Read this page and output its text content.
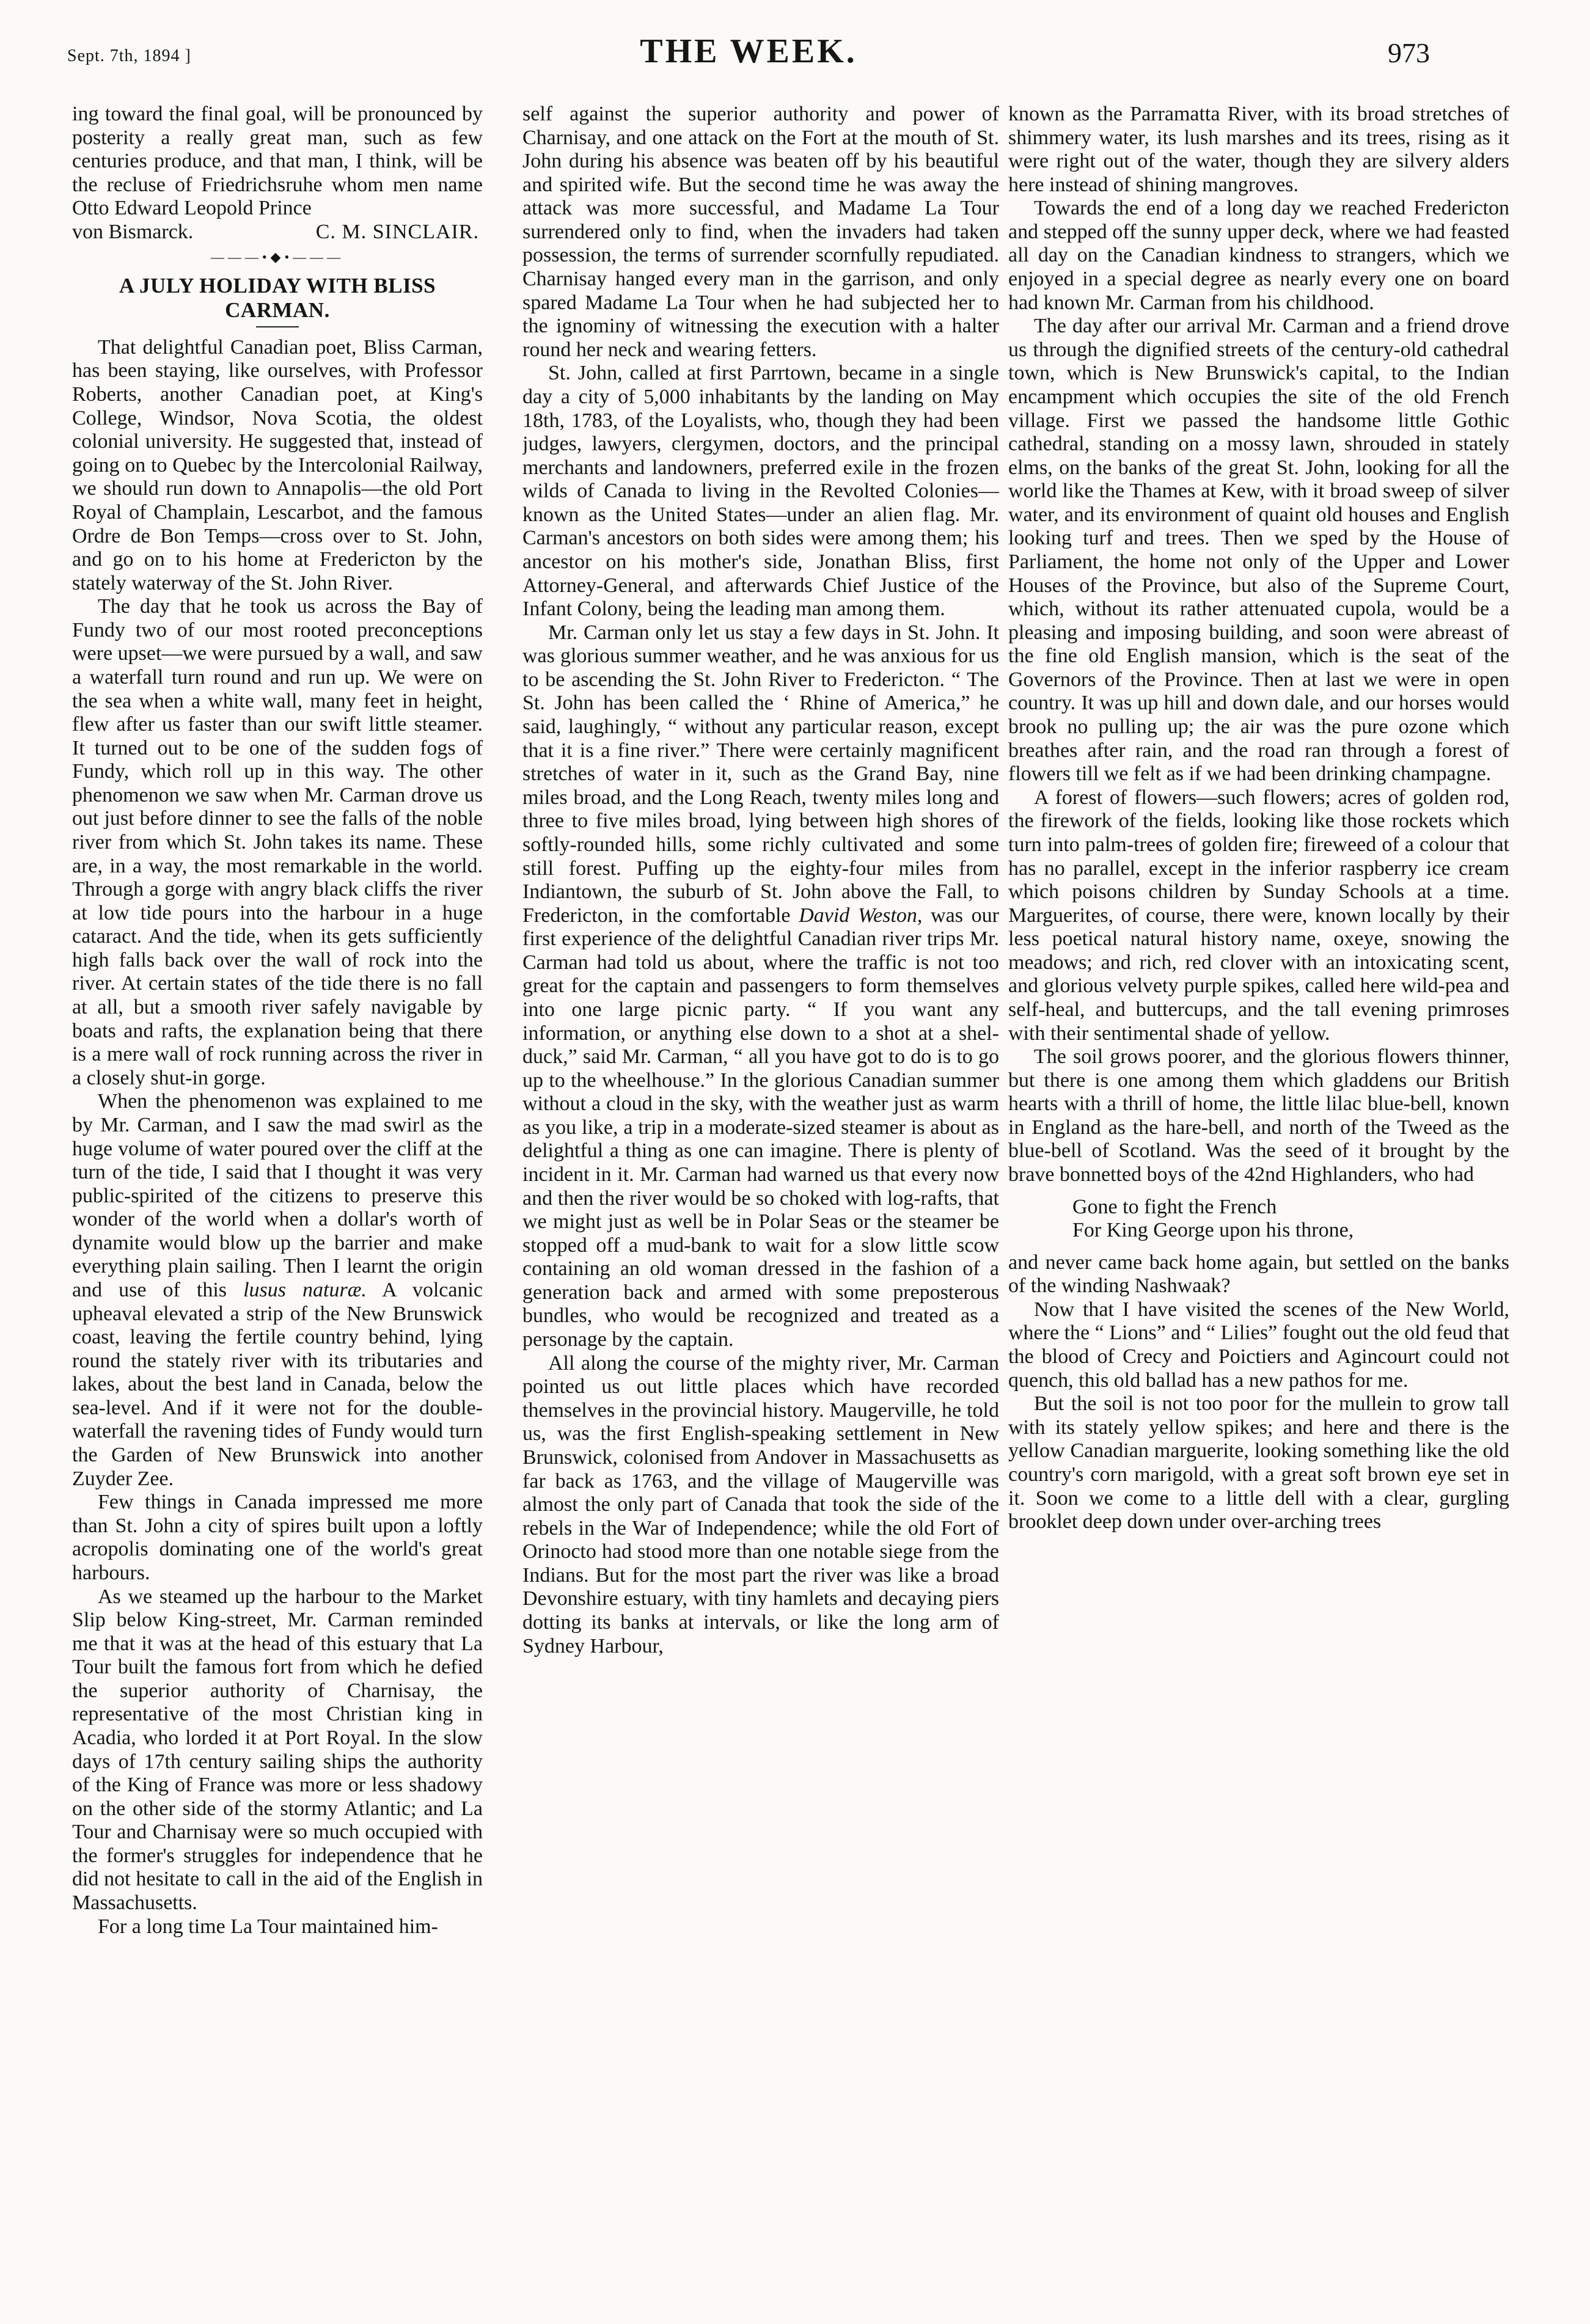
Sept. 7th, 1894 ]	THE WEEK.	973

ing toward the final goal, will be pronounced by posterity a really great man, such as few centuries produce, and that man, I think, will be the recluse of Friedrichsruhe whom men name Otto Edward Leopold Prince

von Bismarck.	C. M. SINCLAIR.
———•◆•———
A JULY HOLIDAY WITH BLISS CARMAN.

That delightful Canadian poet, Bliss Carman, has been staying, like ourselves, with Professor Roberts, another Canadian poet, at King's College, Windsor, Nova Scotia, the oldest colonial university. He suggested that, instead of going on to Quebec by the Intercolonial Railway, we should run down to Annapolis—the old Port Royal of Champlain, Lescarbot, and the famous Ordre de Bon Temps—cross over to St. John, and go on to his home at Fredericton by the stately waterway of the St. John River.

The day that he took us across the Bay of Fundy two of our most rooted preconceptions were upset—we were pursued by a wall, and saw a waterfall turn round and run up. We were on the sea when a white wall, many feet in height, flew after us faster than our swift little steamer. It turned out to be one of the sudden fogs of Fundy, which roll up in this way. The other phenomenon we saw when Mr. Carman drove us out just before dinner to see the falls of the noble river from which St. John takes its name. These are, in a way, the most remarkable in the world. Through a gorge with angry black cliffs the river at low tide pours into the harbour in a huge cataract. And the tide, when its gets sufficiently high falls back over the wall of rock into the river. At certain states of the tide there is no fall at all, but a smooth river safely navigable by boats and rafts, the explanation being that there is a mere wall of rock running across the river in a closely shut-in gorge.

When the phenomenon was explained to me by Mr. Carman, and I saw the mad swirl as the huge volume of water poured over the cliff at the turn of the tide, I said that I thought it was very public-spirited of the citizens to preserve this wonder of the world when a dollar's worth of dynamite would blow up the barrier and make everything plain sailing. Then I learnt the origin and use of this lusus naturæ. A volcanic upheaval elevated a strip of the New Brunswick coast, leaving the fertile country behind, lying round the stately river with its tributaries and lakes, about the best land in Canada, below the sea-level. And if it were not for the double-waterfall the ravening tides of Fundy would turn the Garden of New Brunswick into another Zuyder Zee.

Few things in Canada impressed me more than St. John a city of spires built upon a loftly acropolis dominating one of the world's great harbours.

As we steamed up the harbour to the Market Slip below King-street, Mr. Carman reminded me that it was at the head of this estuary that La Tour built the famous fort from which he defied the superior authority of Charnisay, the representative of the most Christian king in Acadia, who lorded it at Port Royal. In the slow days of 17th century sailing ships the authority of the King of France was more or less shadowy on the other side of the stormy Atlantic; and La Tour and Charnisay were so much occupied with the former's struggles for independence that he did not hesitate to call in the aid of the English in Massachusetts.

For a long time La Tour maintained him-

self against the superior authority and power of Charnisay, and one attack on the Fort at the mouth of St. John during his absence was beaten off by his beautiful and spirited wife. But the second time he was away the attack was more successful, and Madame La Tour surrendered only to find, when the invaders had taken possession, the terms of surrender scornfully repudiated. Charnisay hanged every man in the garrison, and only spared Madame La Tour when he had subjected her to the ignominy of witnessing the execution with a halter round her neck and wearing fetters.

St. John, called at first Parrtown, became in a single day a city of 5,000 inhabitants by the landing on May 18th, 1783, of the Loyalists, who, though they had been judges, lawyers, clergymen, doctors, and the principal merchants and landowners, preferred exile in the frozen wilds of Canada to living in the Revolted Colonies—known as the United States—under an alien flag. Mr. Carman's ancestors on both sides were among them; his ancestor on his mother's side, Jonathan Bliss, first Attorney-General, and afterwards Chief Justice of the Infant Colony, being the leading man among them.

Mr. Carman only let us stay a few days in St. John. It was glorious summer weather, and he was anxious for us to be ascending the St. John River to Fredericton. “ The St. John has been called the ‘ Rhine of America,” he said, laughingly, “ without any particular reason, except that it is a fine river.” There were certainly magnificent stretches of water in it, such as the Grand Bay, nine miles broad, and the Long Reach, twenty miles long and three to five miles broad, lying between high shores of softly-rounded hills, some richly cultivated and some still forest. Puffing up the eighty-four miles from Indiantown, the suburb of St. John above the Fall, to Fredericton, in the comfortable David Weston, was our first experience of the delightful Canadian river trips Mr. Carman had told us about, where the traffic is not too great for the captain and passengers to form themselves into one large picnic party. “ If you want any information, or anything else down to a shot at a shel-duck,” said Mr. Carman, “ all you have got to do is to go up to the wheelhouse.” In the glorious Canadian summer without a cloud in the sky, with the weather just as warm as you like, a trip in a moderate-sized steamer is about as delightful a thing as one can imagine. There is plenty of incident in it. Mr. Carman had warned us that every now and then the river would be so choked with log-rafts, that we might just as well be in Polar Seas or the steamer be stopped off a mud-bank to wait for a slow little scow containing an old woman dressed in the fashion of a generation back and armed with some preposterous bundles, who would be recognized and treated as a personage by the captain.

All along the course of the mighty river, Mr. Carman pointed us out little places which have recorded themselves in the provincial history. Maugerville, he told us, was the first English-speaking settlement in New Brunswick, colonised from Andover in Massachusetts as far back as 1763, and the village of Maugerville was almost the only part of Canada that took the side of the rebels in the War of Independence; while the old Fort of Orinocto had stood more than one notable siege from the Indians. But for the most part the river was like a broad Devonshire estuary, with tiny hamlets and decaying piers dotting its banks at intervals, or like the long arm of Sydney Harbour,

known as the Parramatta River, with its broad stretches of shimmery water, its lush marshes and its trees, rising as it were right out of the water, though they are silvery alders here instead of shining mangroves.

Towards the end of a long day we reached Fredericton and stepped off the sunny upper deck, where we had feasted all day on the Canadian kindness to strangers, which we enjoyed in a special degree as nearly every one on board had known Mr. Carman from his childhood.

The day after our arrival Mr. Carman and a friend drove us through the dignified streets of the century-old cathedral town, which is New Brunswick's capital, to the Indian encampment which occupies the site of the old French village. First we passed the handsome little Gothic cathedral, standing on a mossy lawn, shrouded in stately elms, on the banks of the great St. John, looking for all the world like the Thames at Kew, with it broad sweep of silver water, and its environment of quaint old houses and English looking turf and trees. Then we sped by the House of Parliament, the home not only of the Upper and Lower Houses of the Province, but also of the Supreme Court, which, without its rather attenuated cupola, would be a pleasing and imposing building, and soon were abreast of the fine old English mansion, which is the seat of the Governors of the Province. Then at last we were in open country. It was up hill and down dale, and our horses would brook no pulling up; the air was the pure ozone which breathes after rain, and the road ran through a forest of flowers till we felt as if we had been drinking champagne.

A forest of flowers—such flowers; acres of golden rod, the firework of the fields, looking like those rockets which turn into palm-trees of golden fire; fireweed of a colour that has no parallel, except in the inferior raspberry ice cream which poisons children by Sunday Schools at a time. Marguerites, of course, there were, known locally by their less poetical natural history name, oxeye, snowing the meadows; and rich, red clover with an intoxicating scent, and glorious velvety purple spikes, called here wild-pea and self-heal, and buttercups, and the tall evening primroses with their sentimental shade of yellow.

The soil grows poorer, and the glorious flowers thinner, but there is one among them which gladdens our British hearts with a thrill of home, the little lilac blue-bell, known in England as the hare-bell, and north of the Tweed as the blue-bell of Scotland. Was the seed of it brought by the brave bonnetted boys of the 42nd Highlanders, who had

Gone to fight the French
For King George upon his throne,

and never came back home again, but settled on the banks of the winding Nashwaak?

Now that I have visited the scenes of the New World, where the “ Lions” and “ Lilies” fought out the old feud that the blood of Crecy and Poictiers and Agincourt could not quench, this old ballad has a new pathos for me.

But the soil is not too poor for the mullein to grow tall with its stately yellow spikes; and here and there is the yellow Canadian marguerite, looking something like the old country's corn marigold, with a great soft brown eye set in it. Soon we come to a little dell with a clear, gurgling brooklet deep down under over-arching trees
